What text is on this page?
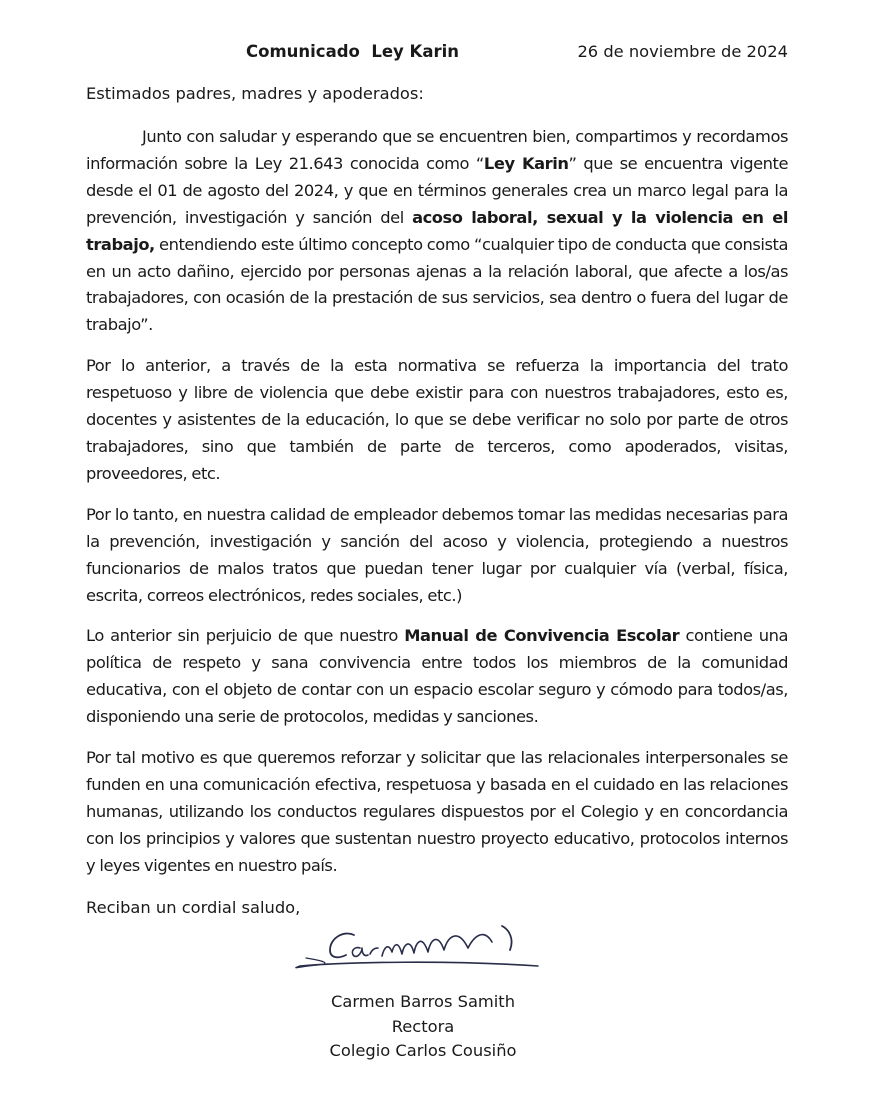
Comunicado  Ley Karin	26 de noviembre de 2024
Estimados padres, madres y apoderados:

Junto con saludar y esperando que se encuentren bien, compartimos y recordamos información sobre la Ley 21.643 conocida como “Ley Karin” que se encuentra vigente desde el 01 de agosto del 2024, y que en términos generales crea un marco legal para la prevención, investigación y sanción del acoso laboral, sexual y la violencia en el trabajo, entendiendo este último concepto como “cualquier tipo de conducta que consista en un acto dañino, ejercido por personas ajenas a la relación laboral, que afecte a los/as trabajadores, con ocasión de la prestación de sus servicios, sea dentro o fuera del lugar de trabajo”.

Por lo anterior, a través de la esta normativa se refuerza la importancia del trato respetuoso y libre de violencia que debe existir para con nuestros trabajadores, esto es, docentes y asistentes de la educación, lo que se debe verificar no solo por parte de otros trabajadores, sino que también de parte de terceros, como apoderados, visitas, proveedores, etc.

Por lo tanto, en nuestra calidad de empleador debemos tomar las medidas necesarias para la prevención, investigación y sanción del acoso y violencia, protegiendo a nuestros funcionarios de malos tratos que puedan tener lugar por cualquier vía (verbal, física, escrita, correos electrónicos, redes sociales, etc.)

Lo anterior sin perjuicio de que nuestro Manual de Convivencia Escolar contiene una política de respeto y sana convivencia entre todos los miembros de la comunidad educativa, con el objeto de contar con un espacio escolar seguro y cómodo para todos/as, disponiendo una serie de protocolos, medidas y sanciones.

Por tal motivo es que queremos reforzar y solicitar que las relacionales interpersonales se funden en una comunicación efectiva, respetuosa y basada en el cuidado en las relaciones humanas, utilizando los conductos regulares dispuestos por el Colegio y en concordancia con los principios y valores que sustentan nuestro proyecto educativo, protocolos internos y leyes vigentes en nuestro país.

Reciban un cordial saludo,
Carmen Barros Samith
Rectora
Colegio Carlos Cousiño
